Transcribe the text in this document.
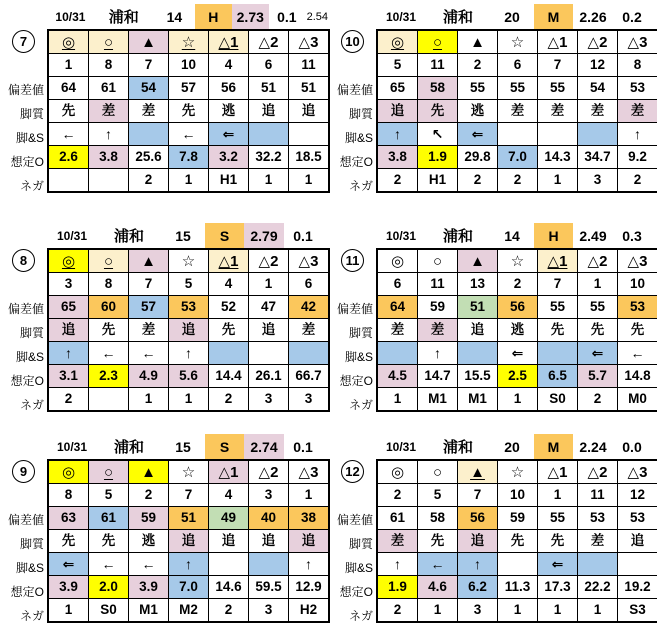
7
偏差値
脚質
脚&S
想定O
ネガ
10/31	浦和	14	H	2.73 0.1 2.54
◎	○	▲	☆	△1	△2	△3
1	8	7	10	4	6	11
64	61	54	57	56	51	51
先	差	差	先	逃	追	追
←	↑		←	⇐		
2.6	3.8	25.6	7.8	3.2	32.2	18.5
		2	1	H1	1	1
10
偏差値
脚質
脚&S
想定O
ネガ
10/31	浦和	20	M	2.26	0.2
◎	○	▲	☆	△1	△2	△3
5	11	2	6	7	12	8
65	58	55	55	55	54	53
追	先	逃	差	差	差	差
↑	↖	⇐				↑
3.8	1.9	29.8	7.0	14.3	34.7	9.2
2	H1	2	2	1	3	2
8
偏差値
脚質
脚&S
想定O
ネガ
10/31	浦和	15	S	2.79	0.1
◎	○	▲	☆	△1	△2	△3
3	8	7	5	4	1	6
65	60	57	53	52	47	42
追	先	差	追	先	追	差
↑	←	←	↑			
3.1	2.3	4.9	5.6	14.4	26.1	66.7
2		1	1	2	3	3
11
偏差値
脚質
脚&S
想定O
ネガ
10/31	浦和	14	H	2.49	0.3
◎	○	▲	☆	△1	△2	△3
6	11	13	2	7	1	10
64	59	51	56	55	55	53
差	差	追	逃	先	先	先
	↑		⇐		⇐	←
4.5	14.7	15.5	2.5	6.5	5.7	14.8
1	M1	M1	1	S0	2	M0
9
偏差値
脚質
脚&S
想定O
ネガ
10/31	浦和	15	S	2.74	0.1
◎	○	▲	☆	△1	△2	△3
8	5	2	7	4	3	1
63	61	59	51	49	40	38
先	先	逃	追	追	追	追
⇐	←	←	↑			↑
3.9	2.0	3.9	7.0	14.6	59.5	12.9
1	S0	M1	M2	2	3	H2
12
偏差値
脚質
脚&S
想定O
ネガ
10/31	浦和	20	M	2.24	0.0
◎	○	▲	☆	△1	△2	△3
2	5	7	10	1	11	12
61	58	56	59	55	53	53
差	先	追	先	先	差	追
↑	←	↑		⇐		
1.9	4.6	6.2	11.3	17.3	22.2	19.2
2	1	3	1	1	1	S3
